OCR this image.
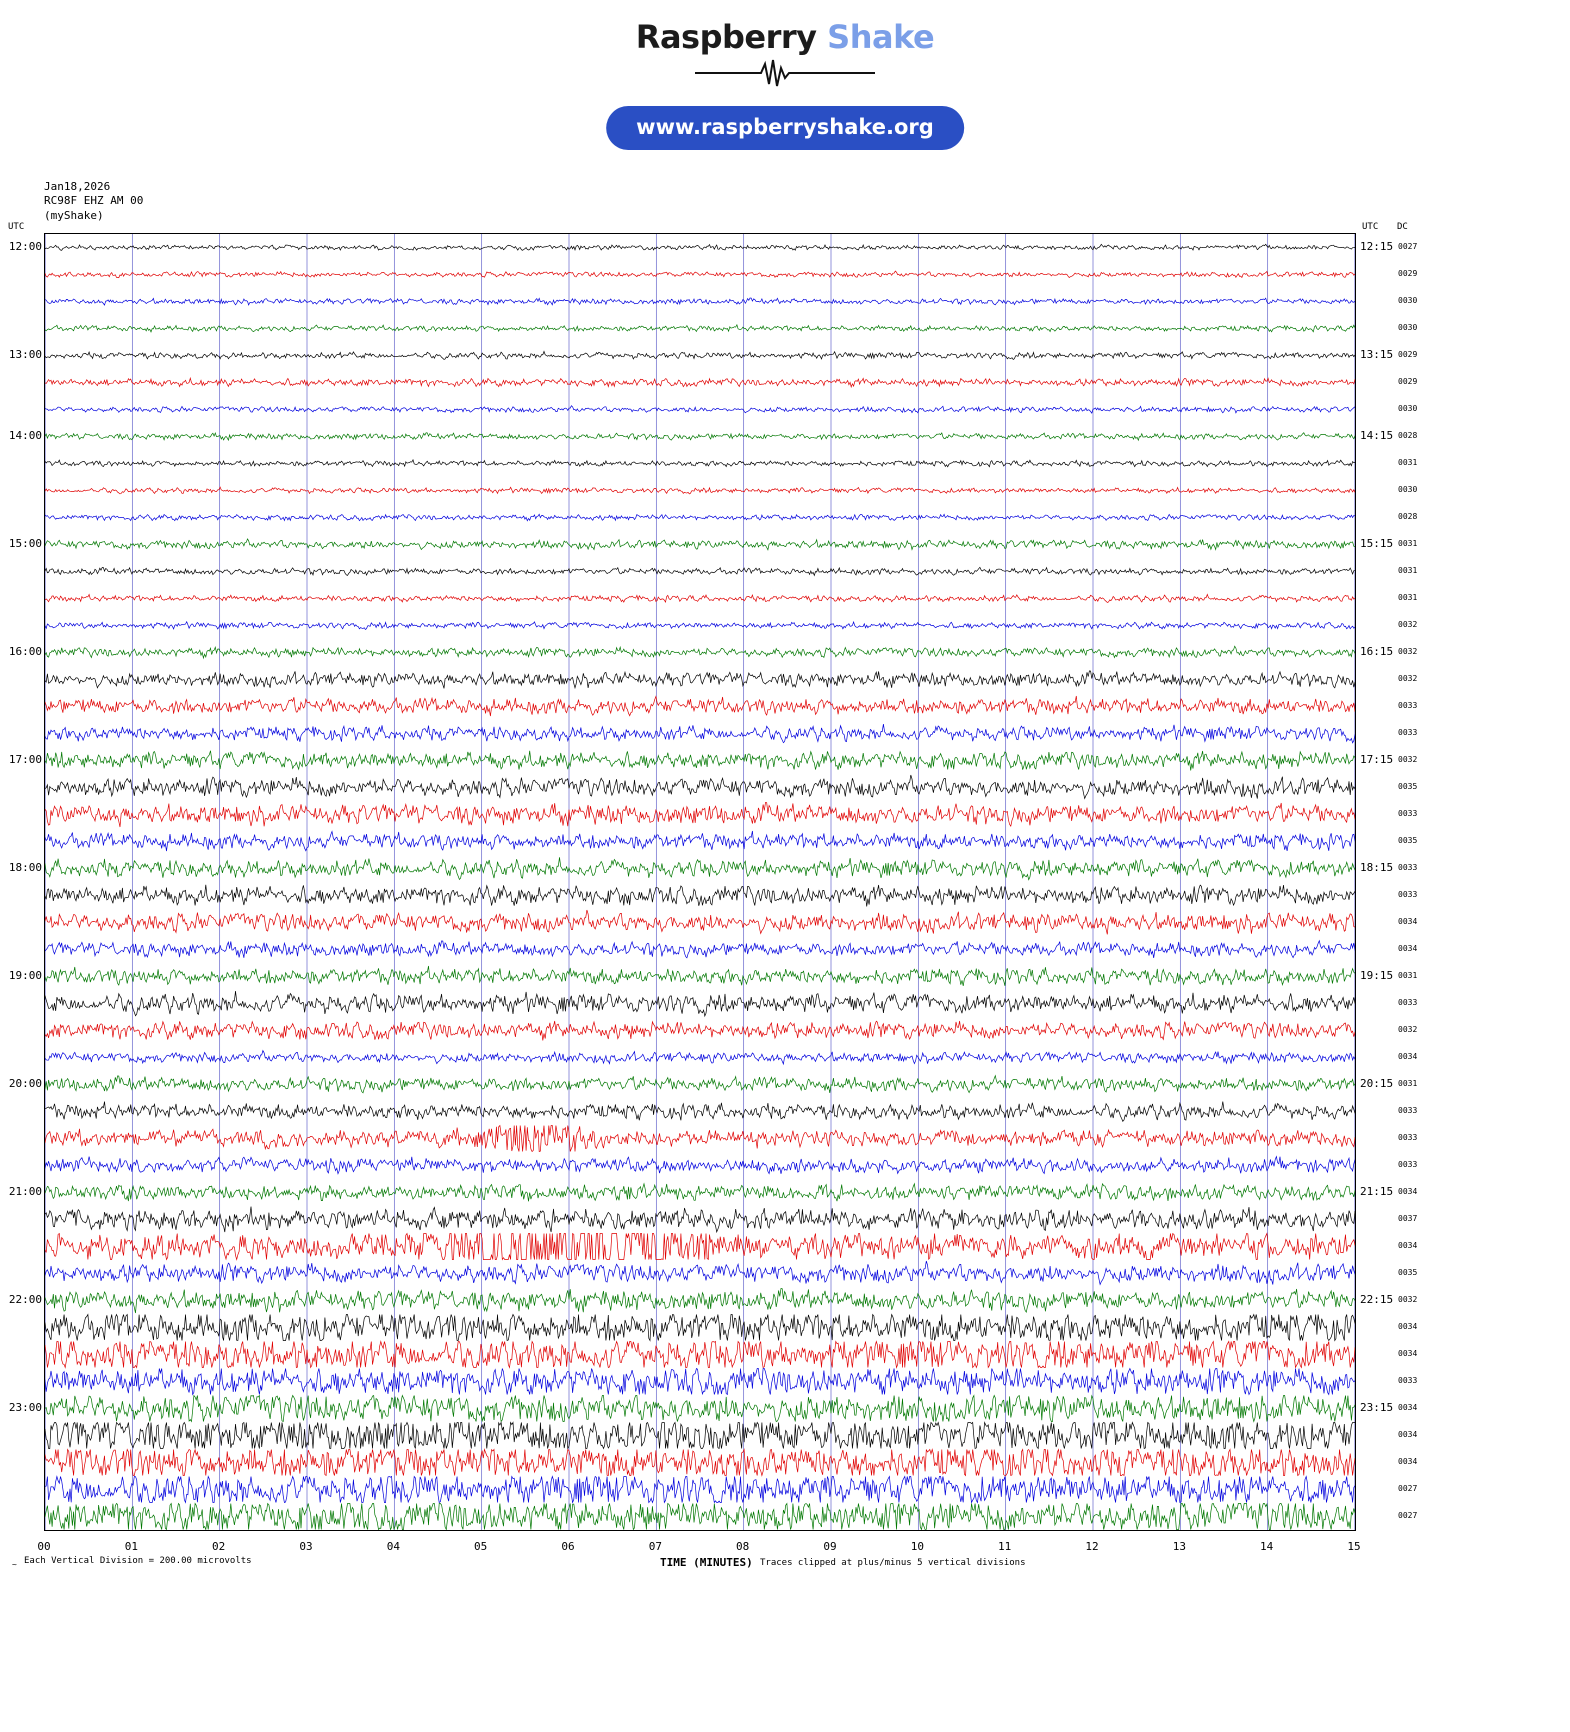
Raspberry Shake
www.raspberryshake.org
Jan18,2026
RC98F EHZ AM 00
(myShake)
UTC	UTC DC
12:00	12:15 0027
0029
0030
0030
13:00	13:15 0029
0029
0030
14:00	14:15 0028
0031
0030
0028
15:00	15:15 0031
0031
0031
0032
16:00	16:15 0032
0032
0033
0033
17:00	17:15 0032
0035
0033
0035
18:00	18:15 0033
0033
0034
0034
19:00	19:15 0031
0033
0032
0034
20:00	20:15 0031
0033
0033
0033
21:00	21:15 0034
0037
0034
0035
22:00	22:15 0032
0034
0034
0033
23:00	23:15 0034
0034
0034
0027
0027
00	01	02	03	04	05	06	07	08	09	10	11	12	13	14	15
TIME (MINUTES) Traces clipped at plus/minus 5 vertical divisions
Each Vertical Division = 200.00 microvolts
~
